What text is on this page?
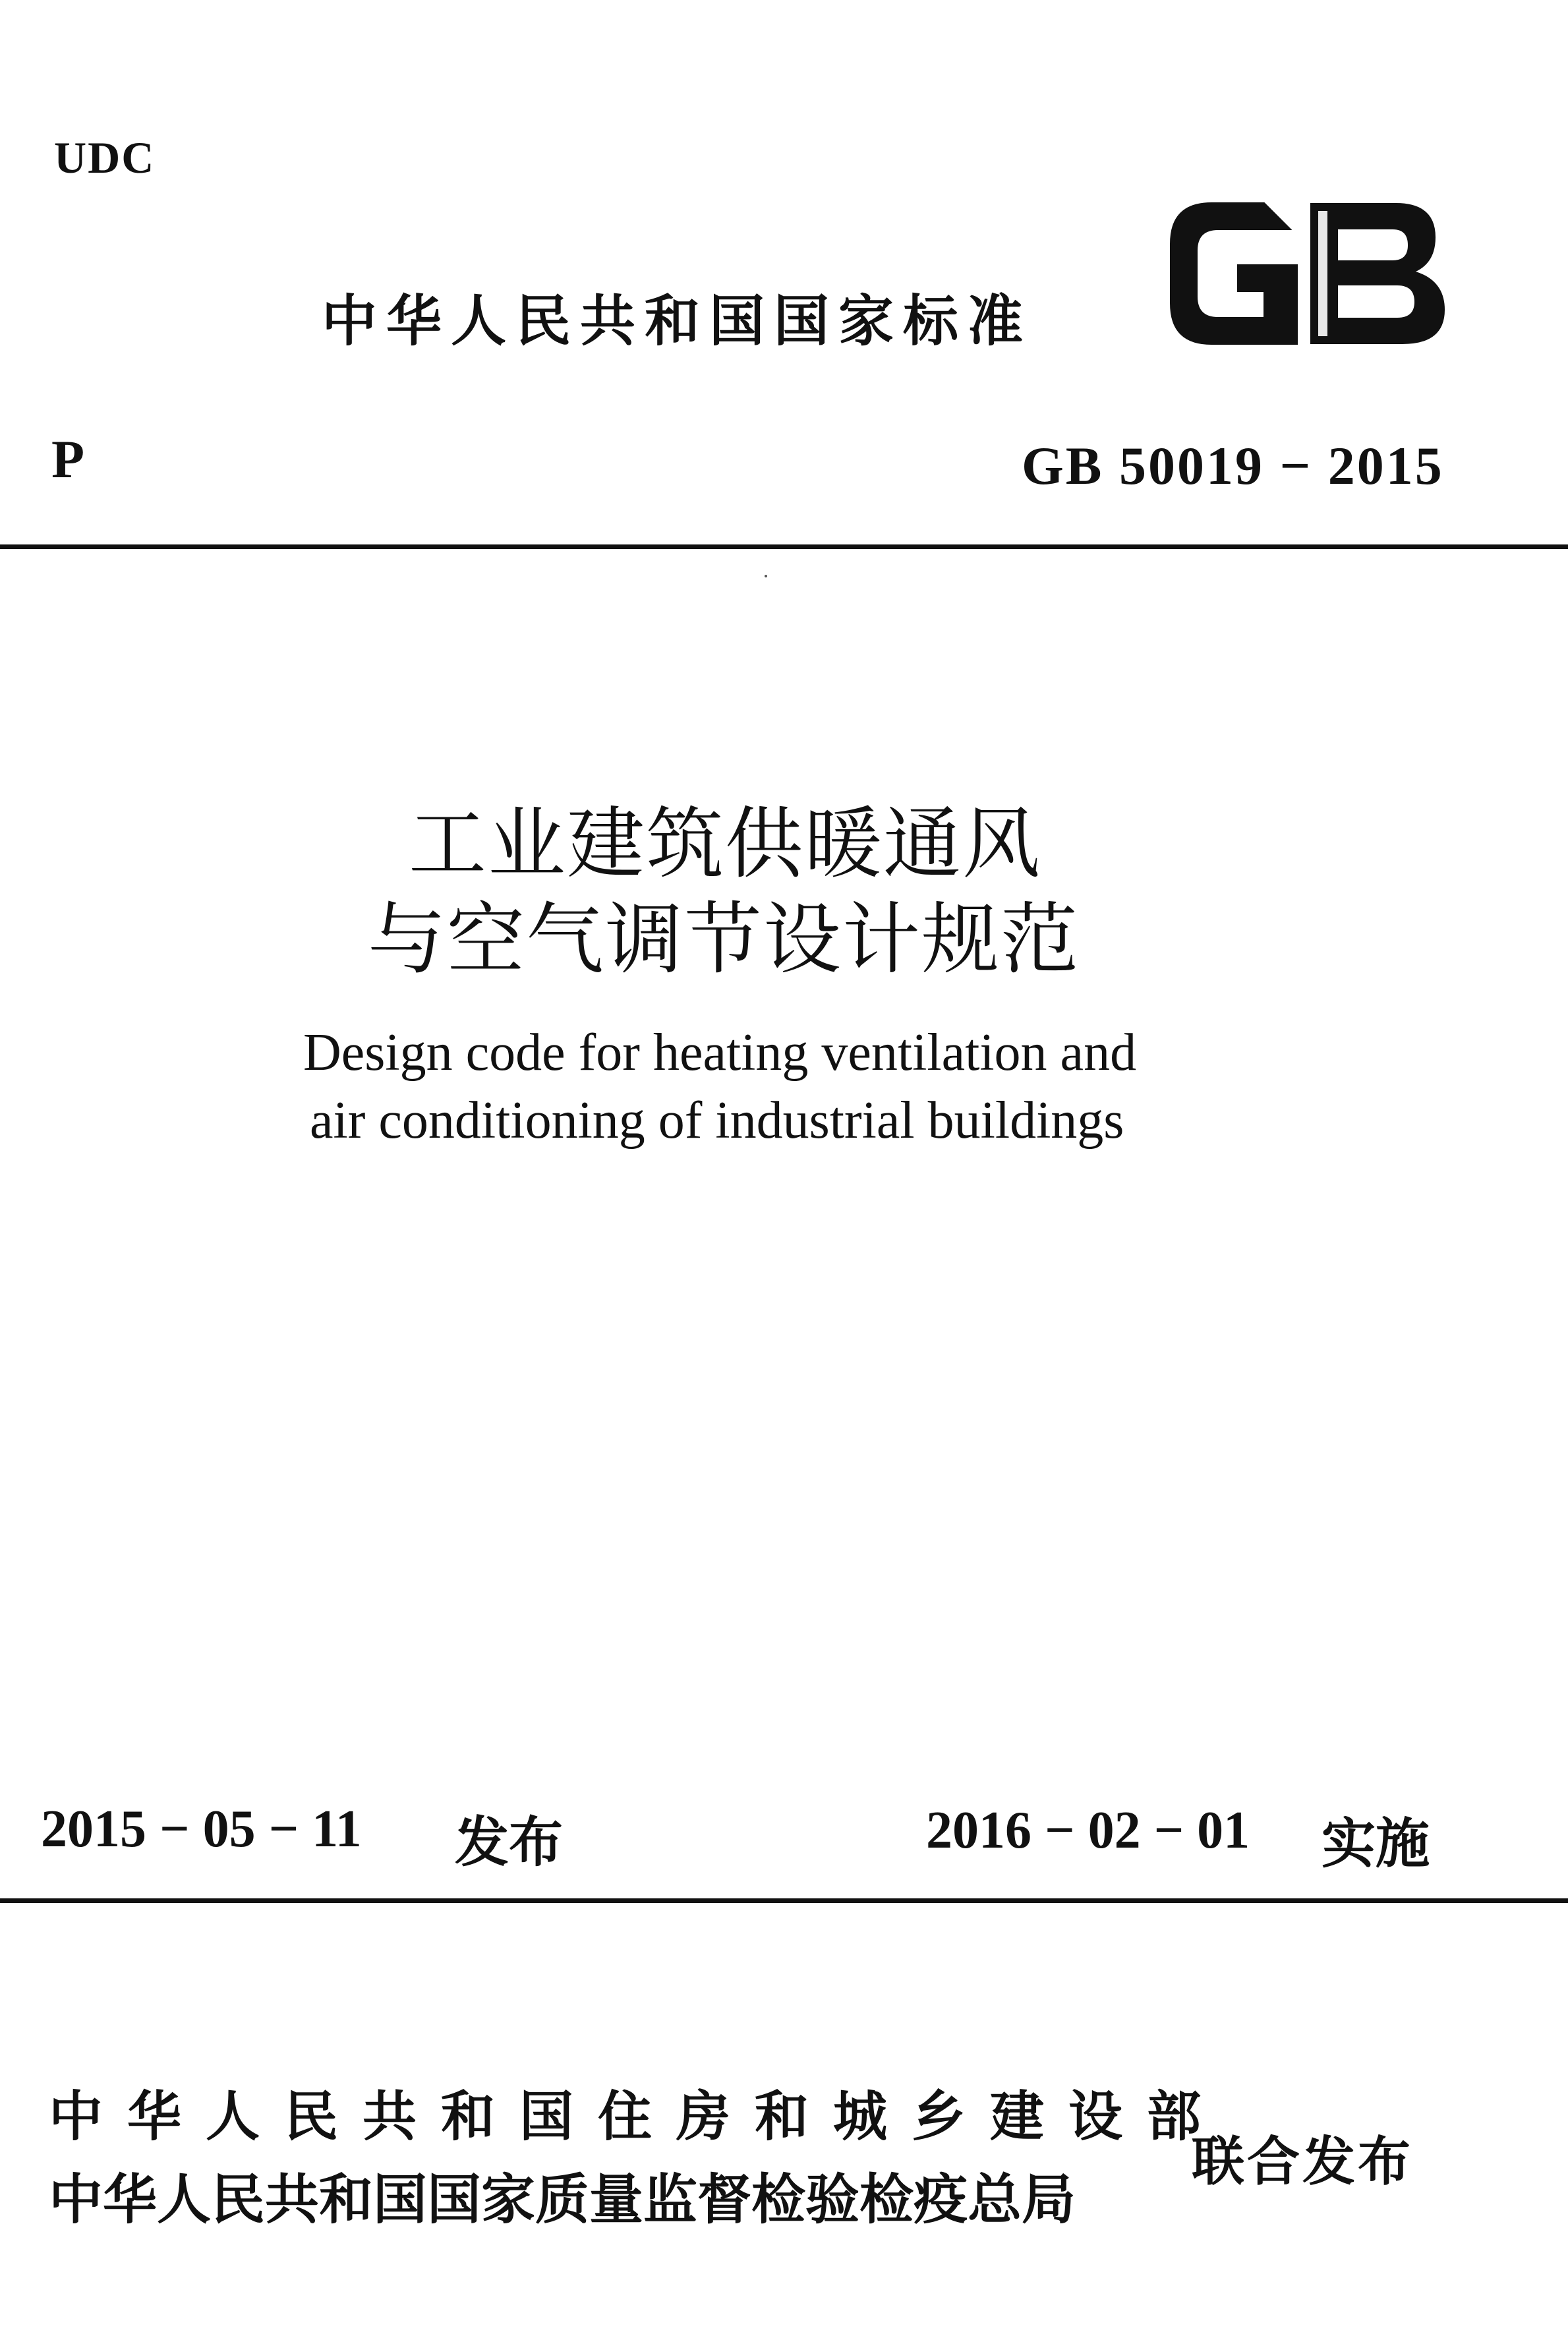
UDC
中华人民共和国国家标准
P	GB 50019 − 2015
工业建筑供暖通风
与空气调节设计规范
Design code for heating ventilation and
air conditioning of industrial buildings
2015 − 05 − 11 发布	2016 − 02 − 01 实施
中华人民共和国住房和城乡建设部
中华人民共和国国家质量监督检验检疫总局
联合发布
